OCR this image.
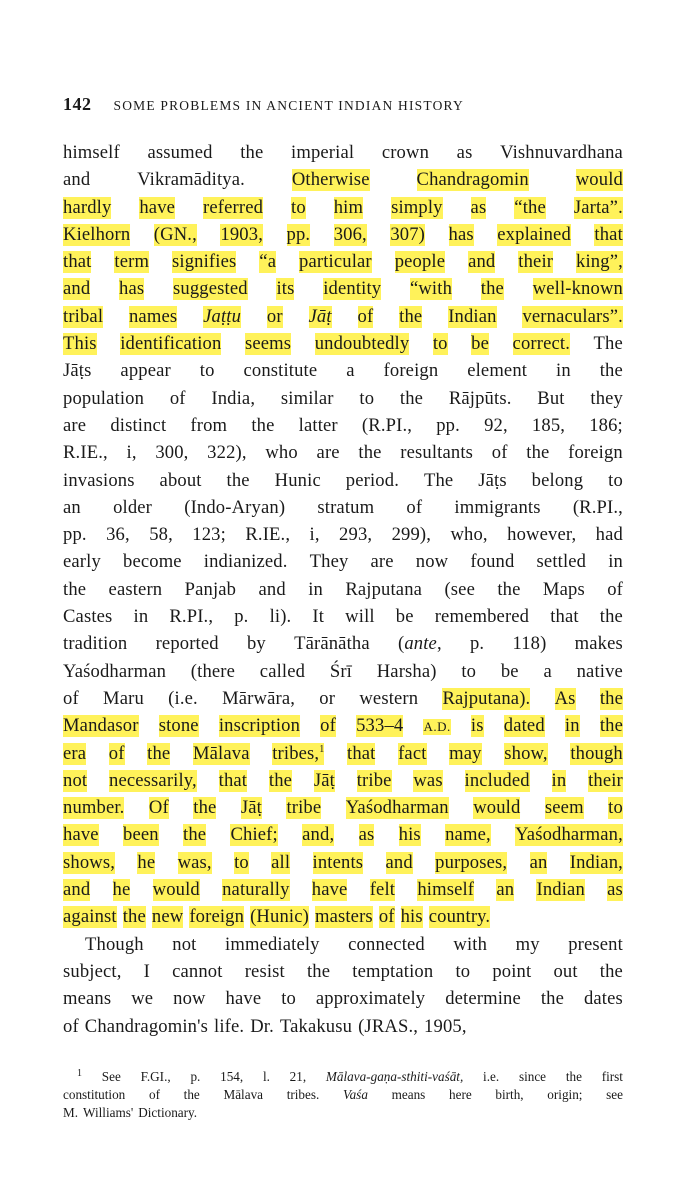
142 SOME PROBLEMS IN ANCIENT INDIAN HISTORY
himself assumed the imperial crown as Vishnuvardhana
and	Vikramāditya.	Otherwise	Chandragomin	would
hardly have referred to him simply as “the Jarta”.
Kielhorn (GN., 1903, pp. 306, 307) has explained that
that term signifies “a particular people and their king”,
and has suggested its identity “with the well-known
tribal names Jaṭṭu or Jāṭ of the Indian vernaculars”.
This identification seems undoubtedly to be correct. The
Jāṭs appear to constitute a foreign element in the
population of India, similar to the Rājpūts. But they
are distinct from the latter (R.PI., pp. 92, 185, 186;
R.IE., i, 300, 322), who are the resultants of the foreign
invasions about the Hunic period. The Jāṭs belong to
an older (Indo-Aryan) stratum of immigrants (R.PI.,
pp. 36, 58, 123; R.IE., i, 293, 299), who, however, had
early become indianized. They are now found settled in
the eastern Panjab and in Rajputana (see the Maps of
Castes in R.PI., p. li). It will be remembered that the
tradition reported by Tārānātha (ante, p. 118) makes
Yaśodharman (there called Śrī Harsha) to be a native
of Maru (i.e. Mārwāra, or western Rajputana). As the
Mandasor stone inscription of 533–4 A.D. is dated in the
era of the Mālava tribes,$^1$ that fact may show, though
not necessarily, that the Jāṭ tribe was included in their
number. Of the Jāṭ tribe Yaśodharman would seem to
have been the Chief; and, as his name, Yaśodharman,
shows, he was, to all intents and purposes, an Indian,
and he would naturally have felt himself an Indian as
against the new foreign (Hunic) masters of his country.
Though not immediately connected with my present
subject, I cannot resist the temptation to point out the
means we now have to approximately determine the dates
of Chandragomin's life. Dr. Takakusu (JRAS., 1905,
$^1$ See F.GI., p. 154, l. 21, Mālava-gaṇa-sthiti-vaśāt, i.e. since the first
constitution of the Mālava tribes. Vaśa means here birth, origin; see
M. Williams' Dictionary.
